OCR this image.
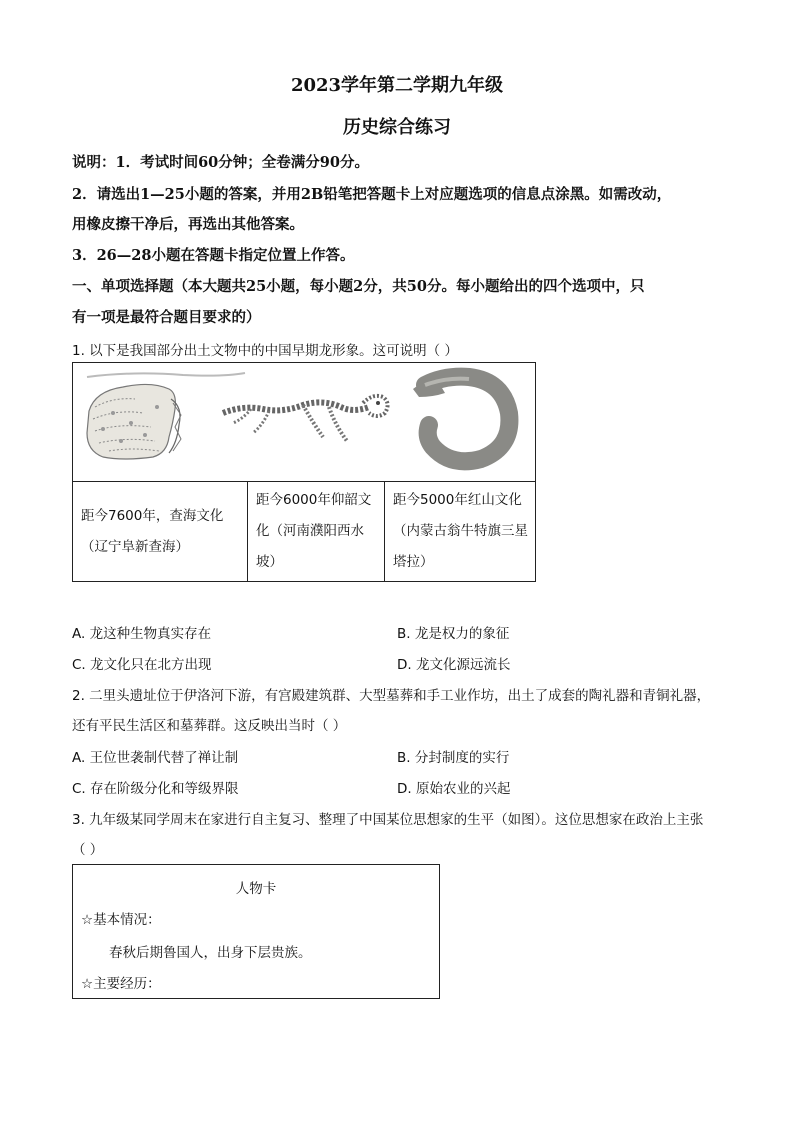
2023学年第二学期九年级
历史综合练习
说明：1．考试时间60分钟；全卷满分90分。
2．请选出1—25小题的答案，并用2B铅笔把答题卡上对应题选项的信息点涂黑。如需改动，
用橡皮擦干净后，再选出其他答案。
3．26—28小题在答题卡指定位置上作答。
一、单项选择题（本大题共25小题，每小题2分，共50分。每小题给出的四个选项中，只
有一项是最符合题目要求的）
1. 以下是我国部分出土文物中的中国早期龙形象。这可说明（ ）

距今7600年，查海文化（辽宁阜新查海）	距今6000年仰韶文化（河南濮阳西水坡）	距今5000年红山文化（内蒙古翁牛特旗三星塔拉）
A. 龙这种生物真实存在	B. 龙是权力的象征
C. 龙文化只在北方出现	D. 龙文化源远流长
2. 二里头遗址位于伊洛河下游，有宫殿建筑群、大型墓葬和手工业作坊，出土了成套的陶礼器和青铜礼器，
还有平民生活区和墓葬群。这反映出当时（ ）
A. 王位世袭制代替了禅让制	B. 分封制度的实行
C. 存在阶级分化和等级界限	D. 原始农业的兴起
3. 九年级某同学周末在家进行自主复习、整理了中国某位思想家的生平（如图）。这位思想家在政治上主张
（ ）
人物卡
☆基本情况：
春秋后期鲁国人，出身下层贵族。
☆主要经历：
